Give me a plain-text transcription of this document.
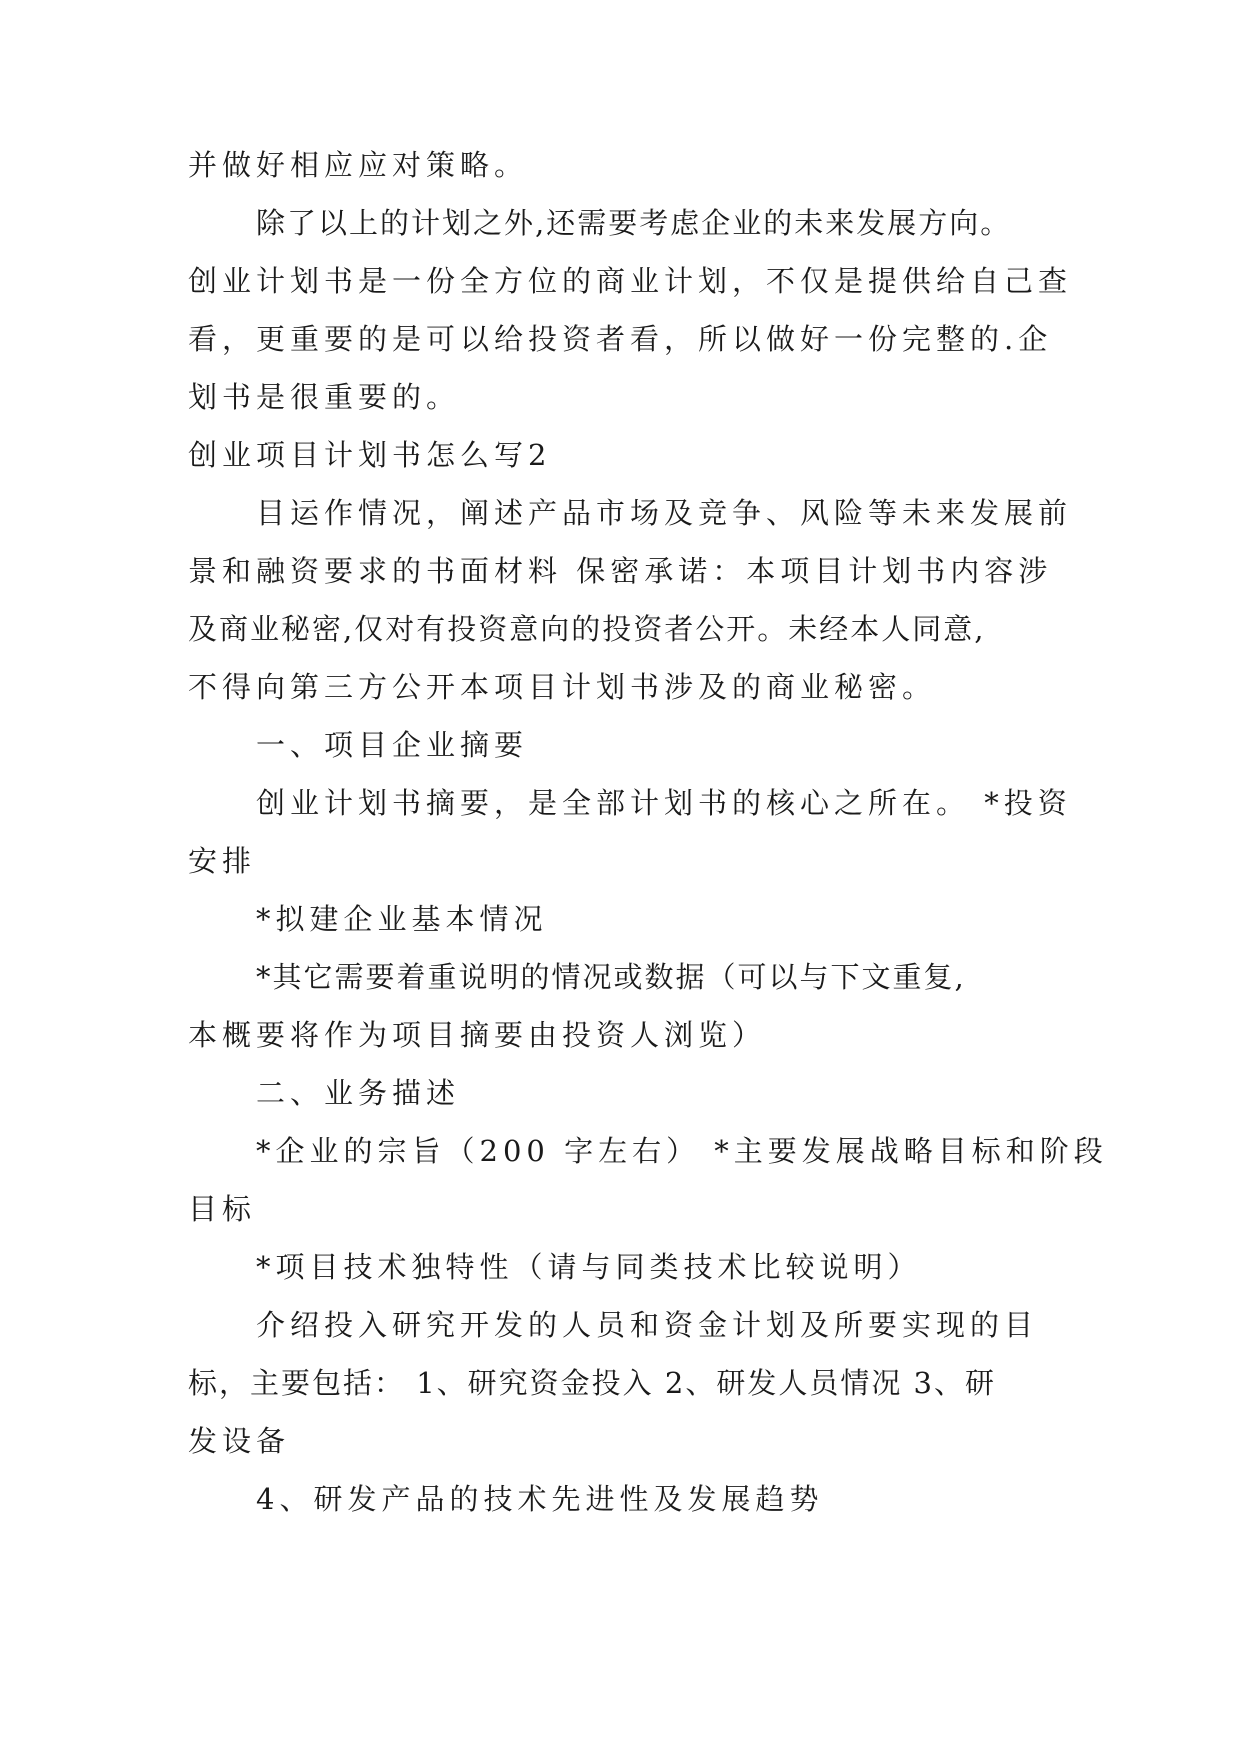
并做好相应应对策略。
除了以上的计划之外,还需要考虑企业的未来发展方向。
创业计划书是一份全方位的商业计划，不仅是提供给自己查
看，更重要的是可以给投资者看，所以做好一份完整的.企
划书是很重要的。
创业项目计划书怎么写2
目运作情况，阐述产品市场及竞争、风险等未来发展前
景和融资要求的书面材料 保密承诺：本项目计划书内容涉
及商业秘密,仅对有投资意向的投资者公开。未经本人同意,
不得向第三方公开本项目计划书涉及的商业秘密。
一、项目企业摘要
创业计划书摘要，是全部计划书的核心之所在。 *投资
安排
*拟建企业基本情况
*其它需要着重说明的情况或数据（可以与下文重复,
本概要将作为项目摘要由投资人浏览）
二、业务描述
*企业的宗旨（200 字左右） *主要发展战略目标和阶段
目标
*项目技术独特性（请与同类技术比较说明）
介绍投入研究开发的人员和资金计划及所要实现的目
标，主要包括： 1、研究资金投入 2、研发人员情况 3、研
发设备
4、研发产品的技术先进性及发展趋势
